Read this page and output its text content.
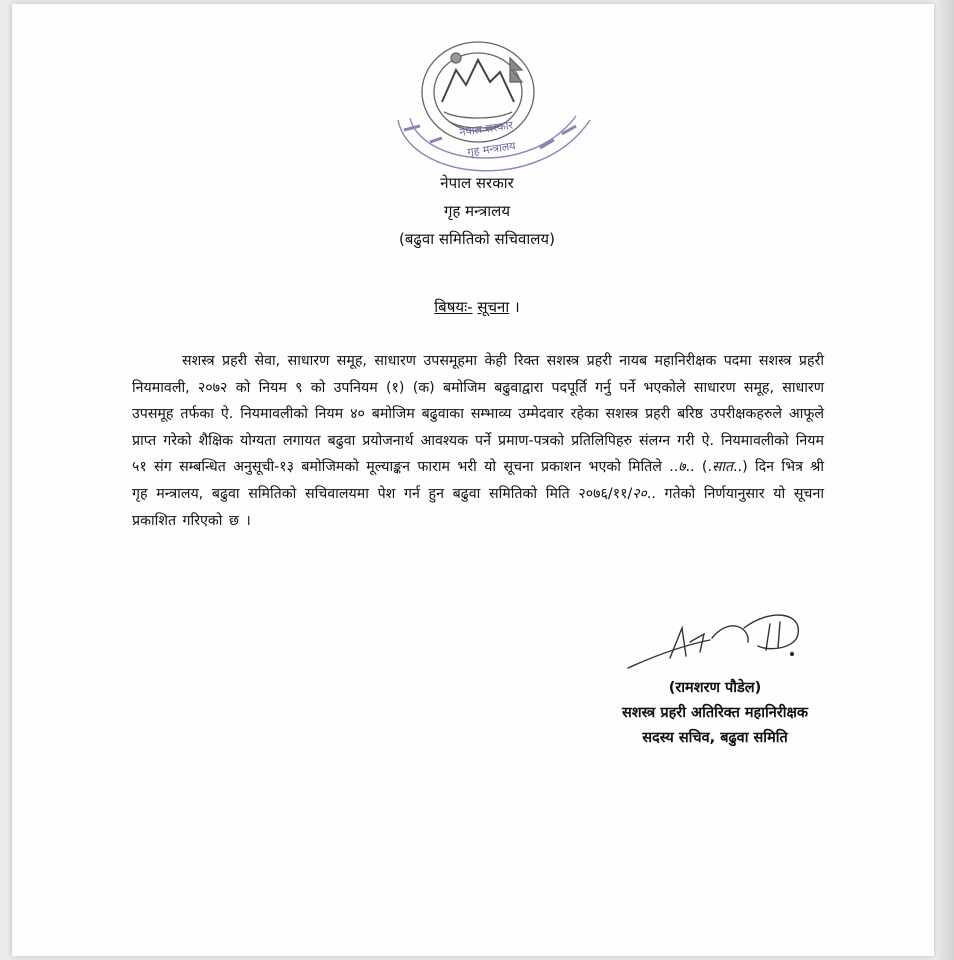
नेपाल सरकार
गृह मन्त्रालय
नेपाल सरकार
गृह मन्त्रालय
(बढुवा समितिको सचिवालय)
बिषयः- सूचना ।
सशस्त्र प्रहरी सेवा, साधारण समूह, साधारण उपसमूहमा केही रिक्त सशस्त्र प्रहरी नायब महानिरीक्षक पदमा सशस्त्र प्रहरी नियमावली, २०७२ को नियम ९ को उपनियम (१) (क) बमोजिम बढुवाद्वारा पदपूर्ति गर्नु पर्ने भएकोले साधारण समूह, साधारण उपसमूह तर्फका ऐ. नियमावलीको नियम ४० बमोजिम बढुवाका सम्भाव्य उम्मेदवार रहेका सशस्त्र प्रहरी बरिष्ठ उपरीक्षकहरुले आफूले प्राप्त गरेको शैक्षिक योग्यता लगायत बढुवा प्रयोजनार्थ आवश्यक पर्ने प्रमाण-पत्रको प्रतिलिपिहरु संलग्न गरी ऐ. नियमावलीको नियम ५१ संग सम्बन्धित अनुसूची-१३ बमोजिमको मूल्याङ्कन फाराम भरी यो सूचना प्रकाशन भएको मितिले ..७.. (.सात..) दिन भित्र श्री गृह मन्त्रालय, बढुवा समितिको सचिवालयमा पेश गर्न हुन बढुवा समितिको मिति २०७६/११/२०.. गतेको निर्णयानुसार यो सूचना प्रकाशित गरिएको छ ।
(रामशरण पौडेल)
सशस्त्र प्रहरी अतिरिक्त महानिरीक्षक
सदस्य सचिव, बढुवा समिति
